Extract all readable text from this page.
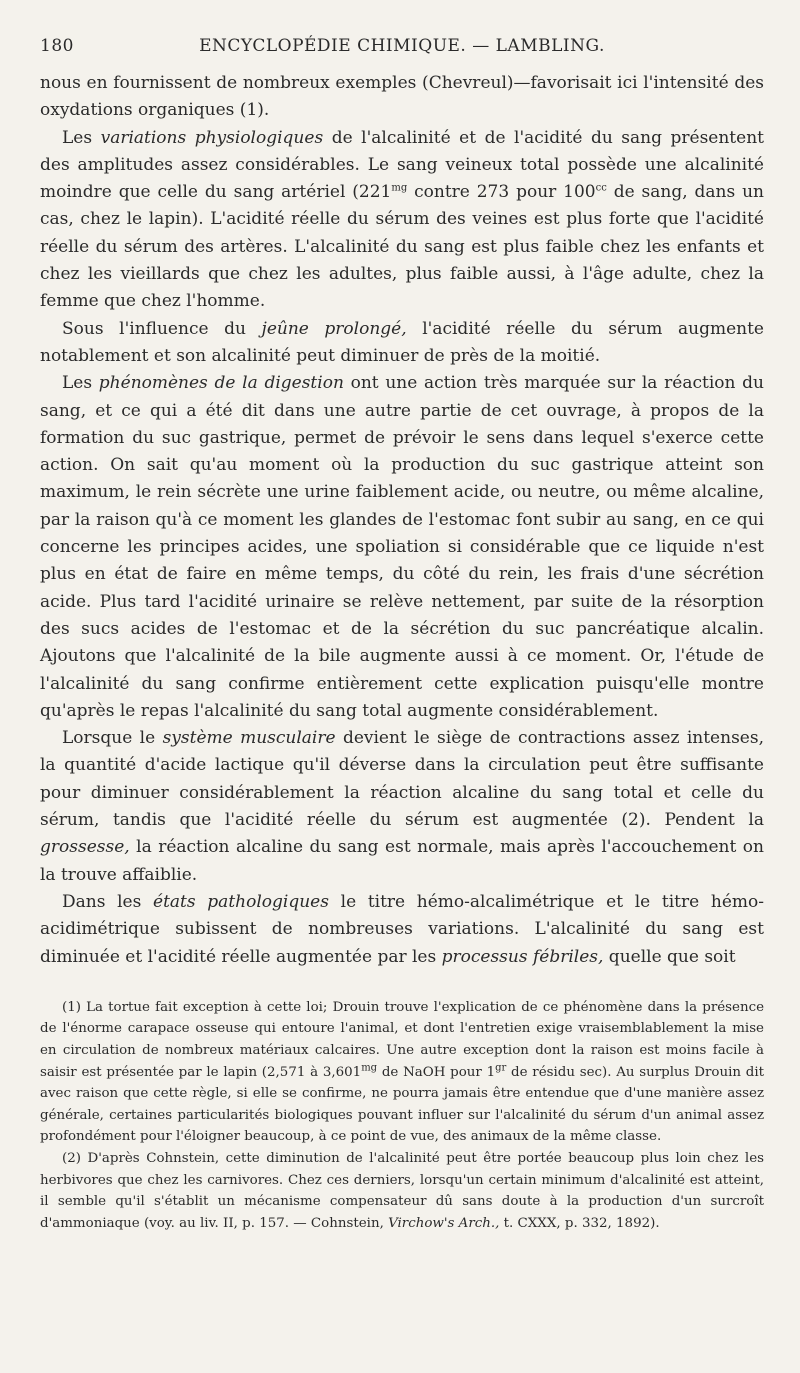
180	ENCYCLOPÉDIE CHIMIQUE. — LAMBLING.

nous en fournissent de nombreux exemples (Chevreul)—favorisait ici l'intensité des oxydations organiques (1).

Les variations physiologiques de l'alcalinité et de l'acidité du sang présentent des amplitudes assez considérables. Le sang veineux total possède une alcalinité moindre que celle du sang artériel ($221^{mg}$ contre 273 pour $100^{cc}$ de sang, dans un cas, chez le lapin). L'acidité réelle du sérum des veines est plus forte que l'acidité réelle du sérum des artères. L'alcalinité du sang est plus faible chez les enfants et chez les vieillards que chez les adultes, plus faible aussi, à l'âge adulte, chez la femme que chez l'homme.

Sous l'influence du jeûne prolongé, l'acidité réelle du sérum augmente notablement et son alcalinité peut diminuer de près de la moitié.

Les phénomènes de la digestion ont une action très marquée sur la réaction du sang, et ce qui a été dit dans une autre partie de cet ouvrage, à propos de la formation du suc gastrique, permet de prévoir le sens dans lequel s'exerce cette action. On sait qu'au moment où la production du suc gastrique atteint son maximum, le rein sécrète une urine faiblement acide, ou neutre, ou même alcaline, par la raison qu'à ce moment les glandes de l'estomac font subir au sang, en ce qui concerne les principes acides, une spoliation si considérable que ce liquide n'est plus en état de faire en même temps, du côté du rein, les frais d'une sécrétion acide. Plus tard l'acidité urinaire se relève nettement, par suite de la résorption des sucs acides de l'estomac et de la sécrétion du suc pancréatique alcalin. Ajoutons que l'alcalinité de la bile augmente aussi à ce moment. Or, l'étude de l'alcalinité du sang confirme entièrement cette explication puisqu'elle montre qu'après le repas l'alcalinité du sang total augmente considérablement.

Lorsque le système musculaire devient le siège de contractions assez intenses, la quantité d'acide lactique qu'il déverse dans la circulation peut être suffisante pour diminuer considérablement la réaction alcaline du sang total et celle du sérum, tandis que l'acidité réelle du sérum est augmentée (2). Pendent la grossesse, la réaction alcaline du sang est normale, mais après l'accouchement on la trouve affaiblie.

Dans les états pathologiques le titre hémo-alcalimétrique et le titre hémo-acidimétrique subissent de nombreuses variations. L'alcalinité du sang est diminuée et l'acidité réelle augmentée par les processus fébriles, quelle que soit

(1) La tortue fait exception à cette loi; Drouin trouve l'explication de ce phénomène dans la présence de l'énorme carapace osseuse qui entoure l'animal, et dont l'entretien exige vraisemblablement la mise en circulation de nombreux matériaux calcaires. Une autre exception dont la raison est moins facile à saisir est présentée par le lapin (2,571 à $3,601^{mg}$ de NaOH pour $1^{gr}$ de résidu sec). Au surplus Drouin dit avec raison que cette règle, si elle se confirme, ne pourra jamais être entendue que d'une manière assez générale, certaines particularités biologiques pouvant influer sur l'alcalinité du sérum d'un animal assez profondément pour l'éloigner beaucoup, à ce point de vue, des animaux de la même classe.

(2) D'après Cohnstein, cette diminution de l'alcalinité peut être portée beaucoup plus loin chez les herbivores que chez les carnivores. Chez ces derniers, lorsqu'un certain minimum d'alcalinité est atteint, il semble qu'il s'établit un mécanisme compensateur dû sans doute à la production d'un surcroît d'ammoniaque (voy. au liv. II, p. 157. — Cohnstein, Virchow's Arch., t. CXXX, p. 332, 1892).
